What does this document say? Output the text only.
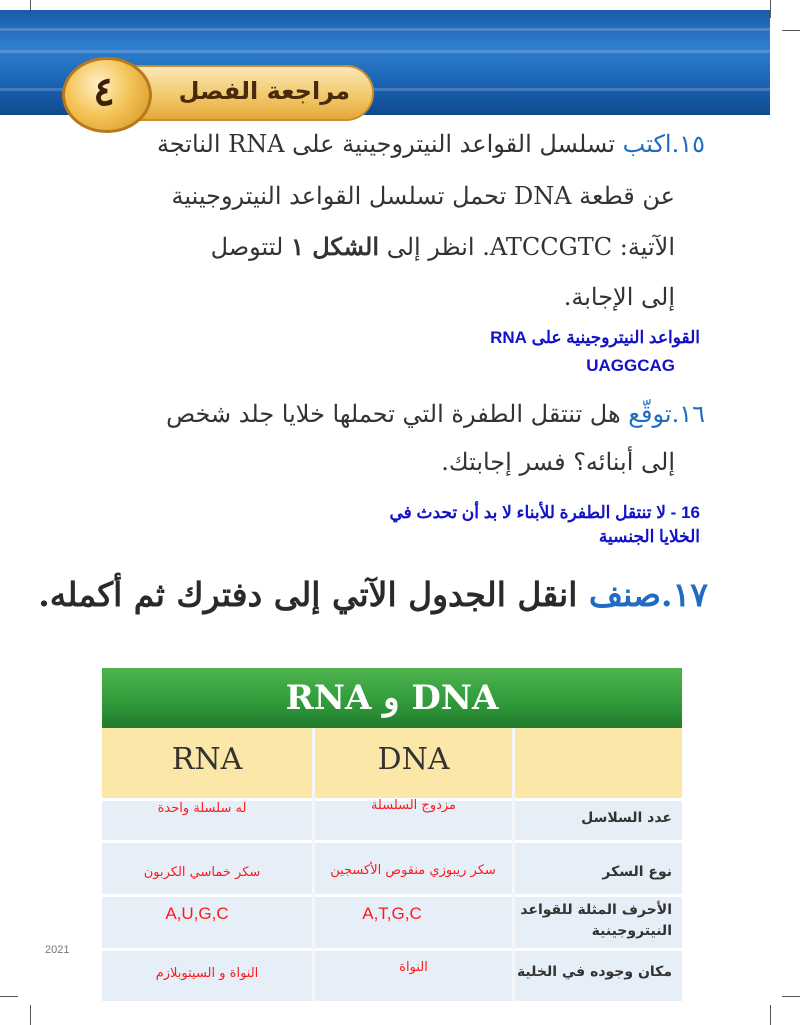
مراجعة الفصل
٤
١٥.اكتب تسلسل القواعد النيتروجينية على RNA الناتجة
عن قطعة DNA تحمل تسلسل القواعد النيتروجينية
الآتية: ATCCGTC. انظر إلى الشكل ١ لتتوصل
إلى الإجابة.
القواعد النيتروجينية على RNA
UAGGCAG
١٦.توقّع هل تنتقل الطفرة التي تحملها خلايا جلد شخص
إلى أبنائه؟ فسر إجابتك.
16 - لا تنتقل الطفرة للأبناء لا بد أن تحدث في
الخلايا الجنسية
١٧.صنف انقل الجدول الآتي إلى دفترك ثم أكمله.
DNA و RNA
RNA	DNA
عدد السلاسل
مزدوج السلسلة
له سلسلة واحدة
نوع السكر
سكر ريبوزي منقوص الأكسجين
سكر خماسي الكربون
الأحرف المثلة للقواعد النيتروجينية
A,T,G,C
A,U,G,C
مكان وجوده في الخلية
النواة
النواة و السيتوبلازم
2021
